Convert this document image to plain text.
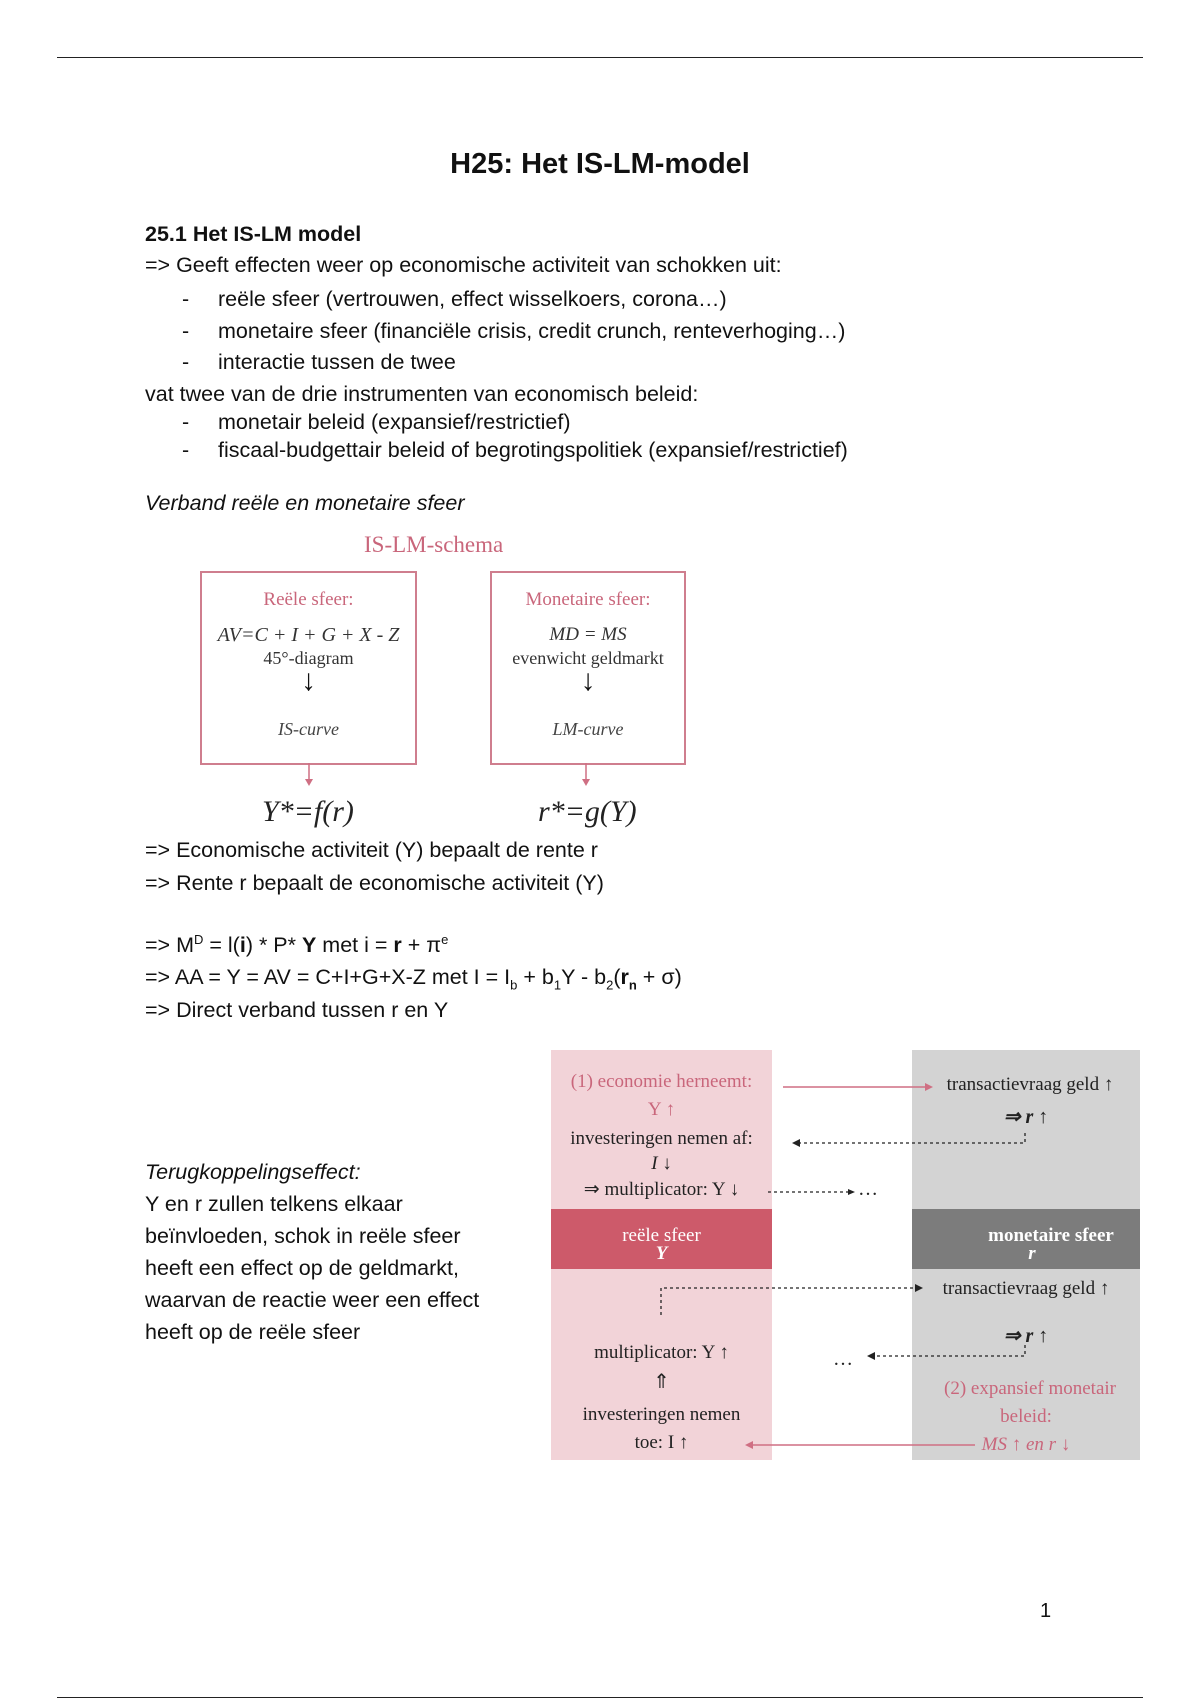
H25: Het IS-LM-model
25.1 Het IS-LM model
=> Geeft effecten weer op economische activiteit van schokken uit:
- reële sfeer (vertrouwen, effect wisselkoers, corona…)
- monetaire sfeer (financiële crisis, credit crunch, renteverhoging…)
- interactie tussen de twee
vat twee van de drie instrumenten van economisch beleid:
- monetair beleid (expansief/restrictief)
- fiscaal-budgettair beleid of begrotingspolitiek (expansief/restrictief)
Verband reële en monetaire sfeer
IS-LM-schema
Reële sfeer:
AV=C + I + G + X - Z
45°-diagram
↓
IS-curve
Monetaire sfeer:
MD = MS
evenwicht geldmarkt
↓
LM-curve
Y*=f(r)	r*=g(Y)
=> Economische activiteit (Y) bepaalt de rente r
=> Rente r bepaalt de economische activiteit (Y)
=> $M^D = l(i) * P*$ Y met $i = r + \pi^e$
=> AA = Y = AV = C+I+G+X-Z met $I = I_b + b_1Y - b_2(r_n + \sigma)$
=> Direct verband tussen r en Y
Terugkoppelingseffect:
Y en r zullen telkens elkaar
beïnvloeden, schok in reële sfeer
heeft een effect op de geldmarkt,
waarvan de reactie weer een effect
heeft op de reële sfeer
(1) economie herneemt:
Y ↑
investeringen nemen af:
I ↓
⇒ multiplicator: Y ↓
transactievraag geld ↑
⇒ r ↑
…
reële sfeer
Y
monetaire sfeer
r
transactievraag geld ↑
⇒ r ↑
…
multiplicator: Y ↑
⇑
investeringen nemen
toe: I ↑
(2) expansief monetair
beleid:
MS ↑ en r ↓
1
